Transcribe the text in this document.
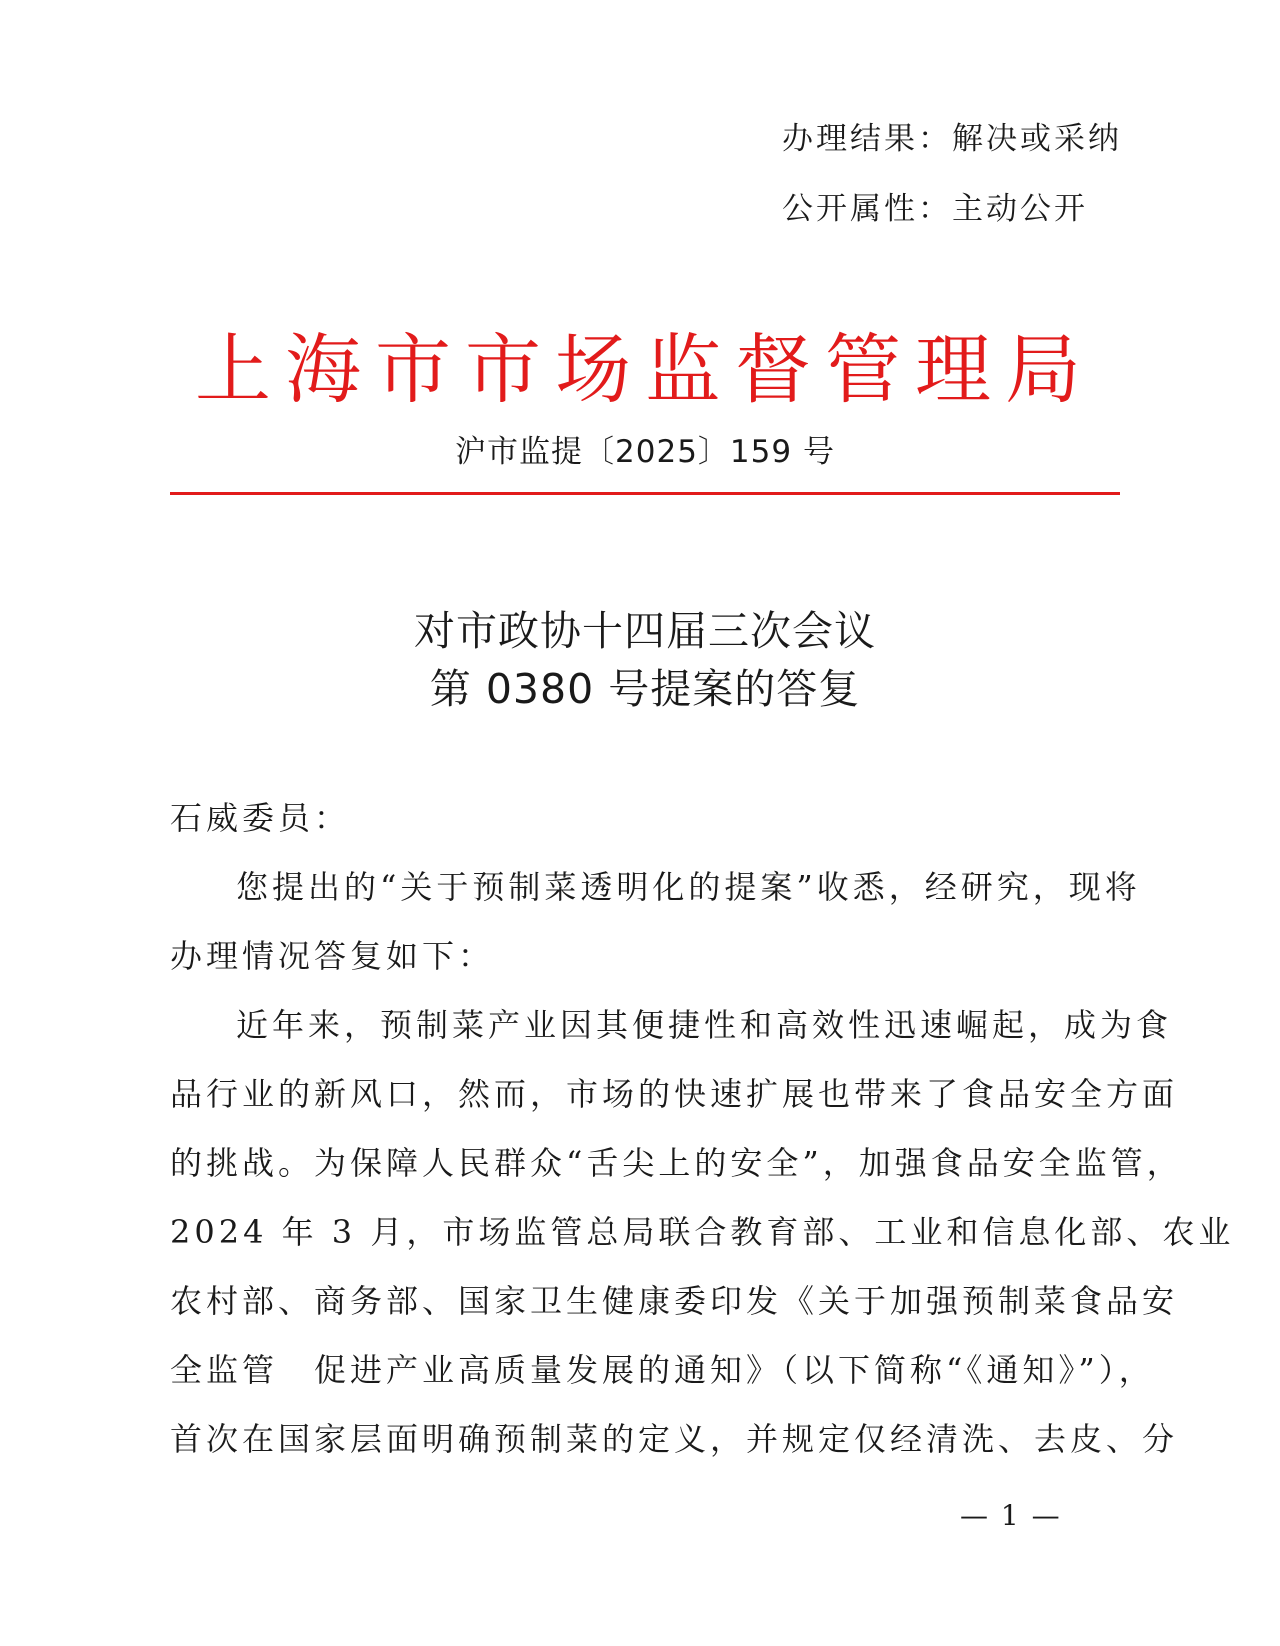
办理结果：解决或采纳
公开属性：主动公开
上海市市场监督管理局
沪市监提〔2025〕159 号
对市政协十四届三次会议
第 0380 号提案的答复
石威委员：
您提出的“关于预制菜透明化的提案”收悉，经研究，现将
办理情况答复如下：
近年来，预制菜产业因其便捷性和高效性迅速崛起，成为食
品行业的新风口，然而，市场的快速扩展也带来了食品安全方面
的挑战。为保障人民群众“舌尖上的安全”，加强食品安全监管，
2024 年 3 月，市场监管总局联合教育部、工业和信息化部、农业
农村部、商务部、国家卫生健康委印发《关于加强预制菜食品安
全监管　促进产业高质量发展的通知》（以下简称“《通知》”），
首次在国家层面明确预制菜的定义，并规定仅经清洗、去皮、分
— 1 —
